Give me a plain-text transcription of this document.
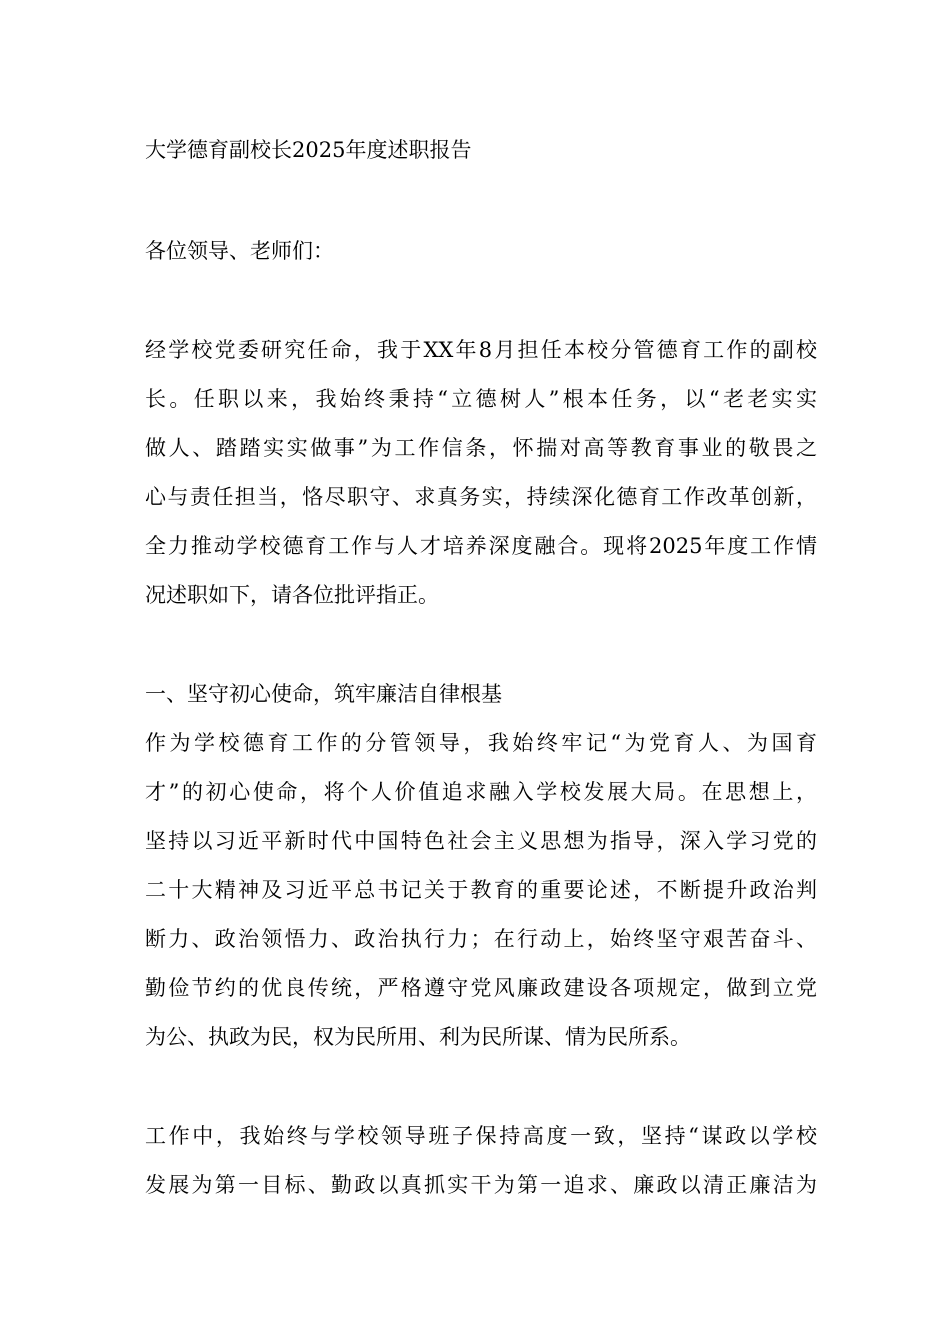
大学德育副校长2025年度述职报告
各位领导、老师们：
经学校党委研究任命，我于XX年8月担任本校分管德育工作的副校
长。任职以来，我始终秉持“立德树人”根本任务，以“老老实实
做人、踏踏实实做事”为工作信条，怀揣对高等教育事业的敬畏之
心与责任担当，恪尽职守、求真务实，持续深化德育工作改革创新，
全力推动学校德育工作与人才培养深度融合。现将2025年度工作情
况述职如下，请各位批评指正。
一、坚守初心使命，筑牢廉洁自律根基
作为学校德育工作的分管领导，我始终牢记“为党育人、为国育
才”的初心使命，将个人价值追求融入学校发展大局。在思想上，
坚持以习近平新时代中国特色社会主义思想为指导，深入学习党的
二十大精神及习近平总书记关于教育的重要论述，不断提升政治判
断力、政治领悟力、政治执行力；在行动上，始终坚守艰苦奋斗、
勤俭节约的优良传统，严格遵守党风廉政建设各项规定，做到立党
为公、执政为民，权为民所用、利为民所谋、情为民所系。
工作中，我始终与学校领导班子保持高度一致，坚持“谋政以学校
发展为第一目标、勤政以真抓实干为第一追求、廉政以清正廉洁为
